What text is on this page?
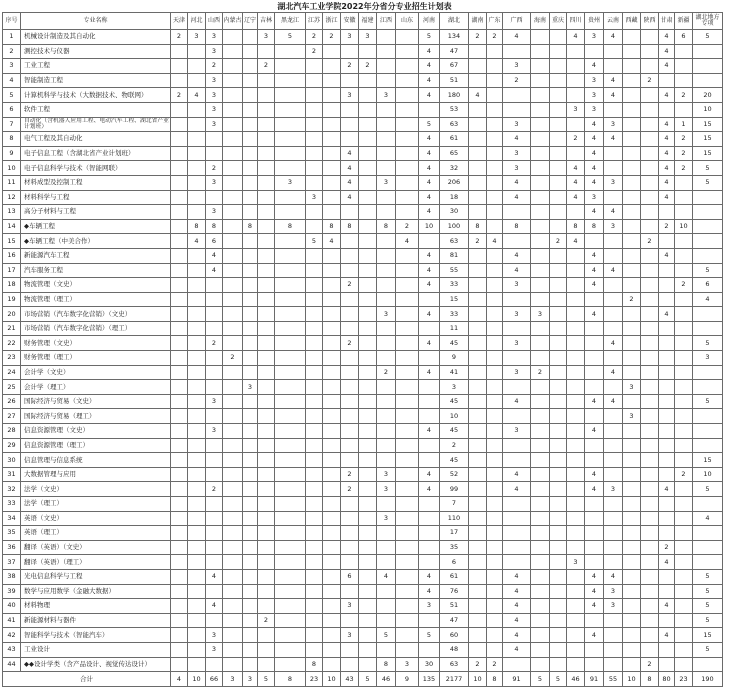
湖北汽车工业学院2022年分省分专业招生计划表
序号	专业名称	天津	河北	山西	内蒙古	辽宁	吉林	黑龙江	江苏	浙江	安徽	福建	江西	山东	河南	湖北	湖南	广东	广西	海南	重庆	四川	贵州	云南	西藏	陕西	甘肃	新疆	湖北地方专项
1	机械设计制造及其自动化	2	3	3			3	5	2	2	3	3			5	134	2	2	4			4	3	4			4	6	5
2	测控技术与仪器			3					2						4	47											4		
3	工业工程			2			2				2	2			4	67			3				4				4		
4	智能制造工程			3											4	51			2				3	4		2			
5	计算机科学与技术（大数据技术、物联网）	2	4	3							3		3		4	180	4						3	4			4	2	20
6	软件工程			3												53						3	3						10
7	自动化（含机器人应用工程、电动汽车工程、湖北省产业计划班）			3											5	63			3				4	3			4	1	15
8	电气工程及其自动化														4	61			4			2	4	4			4	2	15
9	电子信息工程（含湖北省产业计划班）										4				4	65			3				4				4	2	15
10	电子信息科学与技术（智能网联）			2							4				4	32			3			4	4				4	2	5
11	材料成型及控制工程			3				3			4		3		4	206			4			4	4	3			4		5
12	材料科学与工程								3		4				4	18			4			4	3				4		
13	高分子材料与工程			3											4	30							4	4					
14	◆车辆工程		8	8		8		8		8	8		8	2	10	100	8		8			8	8	3			2	10	
15	◆车辆工程（中美合作）		4	6					5	4				4		63	2	4			2	4				2			
16	新能源汽车工程			4											4	81			4				4				4		
17	汽车服务工程			4											4	55			4				4	4					5
18	物流管理（文史）										2				4	33			3				4					2	6
19	物流管理（理工）															15									2				4
20	市场营销（汽车数字化营销）（文史）												3		4	33			3	3			4				4		
21	市场营销（汽车数字化营销）（理工）															11													
22	财务管理（文史）			2							2				4	45			3					4					5
23	财务管理（理工）				2											9													3
24	会计学（文史）												2		4	41			3	2				4					
25	会计学（理工）					3										3									3				
26	国际经济与贸易（文史）			3												45			4				4	4					5
27	国际经济与贸易（理工）															10									3				
28	信息资源管理（文史）			3											4	45			3				4						
29	信息资源管理（理工）															2													
30	信息管理与信息系统															45													15
31	大数据管理与应用										2		3		4	52			4				4					2	10
32	法学（文史）			2							2		3		4	99			4				4	3			4		5
33	法学（理工）															7													
34	英语（文史）												3			110													4
35	英语（理工）															17													
36	翻译（英语）（文史）															35											2		
37	翻译（英语）（理工）															6						3					4		
38	光电信息科学与工程			4							6		4		4	61			4				4	4					5
39	数学与应用数学（金融大数据）														4	76			4				4	3					5
40	材料物理			4							3				3	51			4				4	3			4		5
41	新能源材料与器件						2									47			4										5
42	智能科学与技术（智能汽车）			3							3		5		5	60			4				4				4		15
43	工业设计			3												48			4										5
44	◆◆设计学类（含产品设计、视觉传达设计）								8				8	3	30	63	2	2								2			
合计		4	10	66	3	3	5	8	23	10	43	5	46	9	135	2177	10	8	91	5	5	46	91	55	10	8	80	23	190
